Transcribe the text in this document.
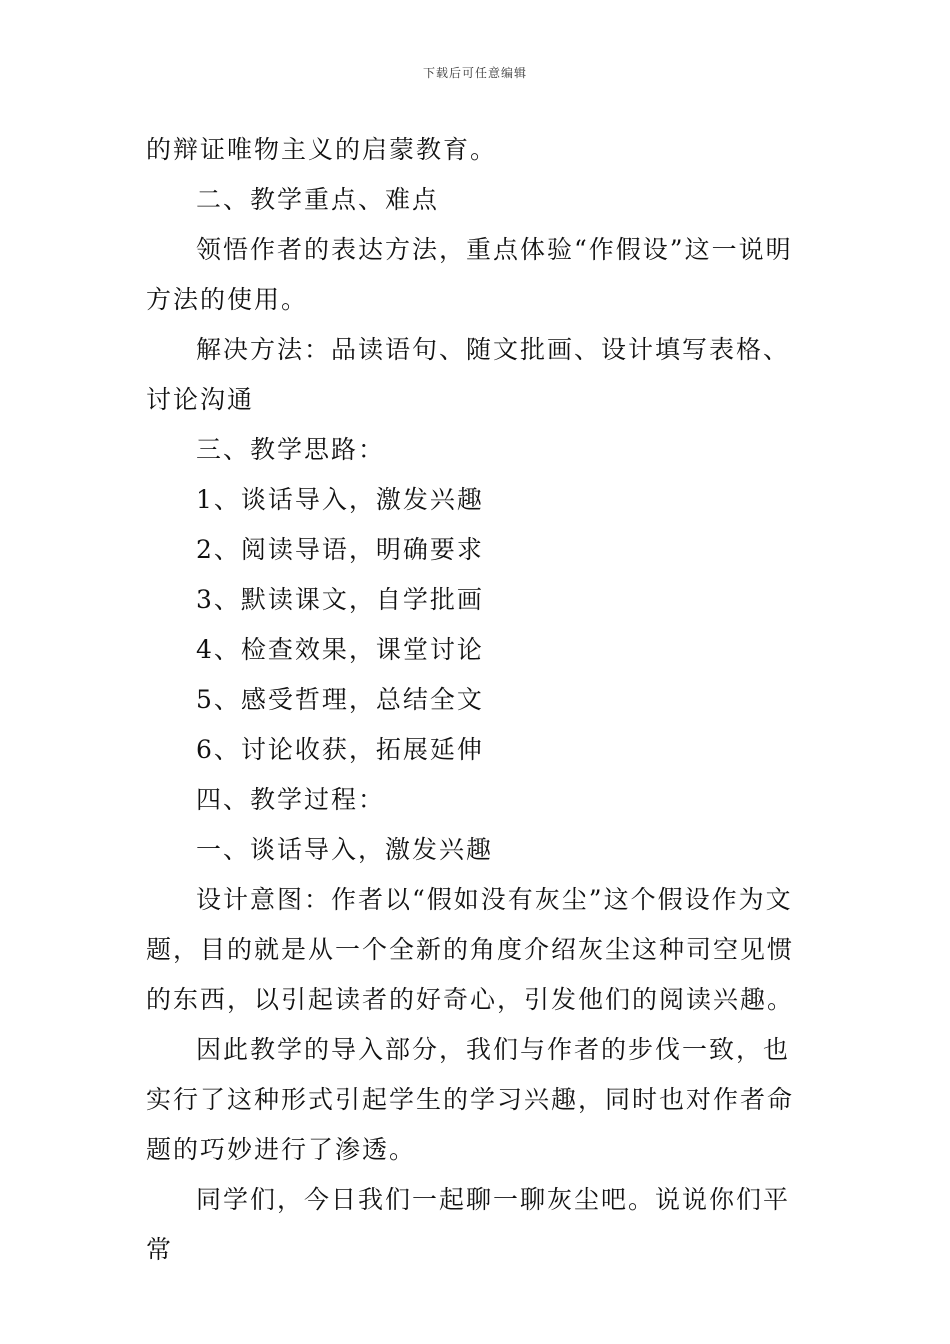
下载后可任意编辑

的辩证唯物主义的启蒙教育。

二、教学重点、难点

领悟作者的表达方法，重点体验“作假设”这一说明方法的使用。

解决方法：品读语句、随文批画、设计填写表格、讨论沟通

三、教学思路：

1、谈话导入，激发兴趣

2、阅读导语，明确要求

3、默读课文，自学批画

4、检查效果，课堂讨论

5、感受哲理，总结全文

6、讨论收获，拓展延伸

四、教学过程：

一、谈话导入，激发兴趣

设计意图：作者以“假如没有灰尘”这个假设作为文题，目的就是从一个全新的角度介绍灰尘这种司空见惯的东西，以引起读者的好奇心，引发他们的阅读兴趣。

因此教学的导入部分，我们与作者的步伐一致，也实行了这种形式引起学生的学习兴趣，同时也对作者命题的巧妙进行了渗透。

同学们，今日我们一起聊一聊灰尘吧。说说你们平常
